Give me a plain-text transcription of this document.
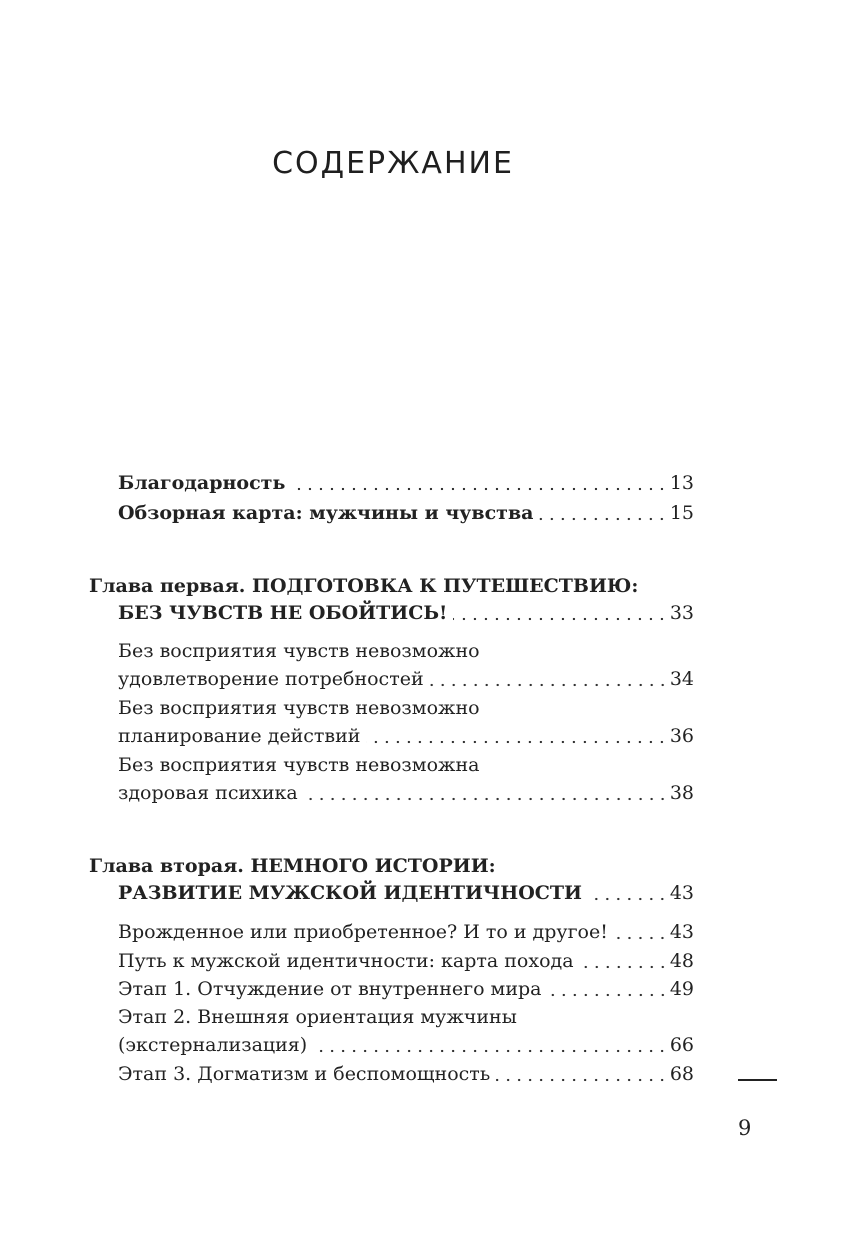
СОДЕРЖАНИЕ
Благодарность	13
Обзорная карта: мужчины и чувства	15
Глава первая. ПОДГОТОВКА К ПУТЕШЕСТВИЮ:
БЕЗ ЧУВСТВ НЕ ОБОЙТИСЬ!	33
Без восприятия чувств невозможно
удовлетворение потребностей	34
Без восприятия чувств невозможно
планирование действий	36
Без восприятия чувств невозможна
здоровая психика	38
Глава вторая. НЕМНОГО ИСТОРИИ:
РАЗВИТИЕ МУЖСКОЙ ИДЕНТИЧНОСТИ	43
Врожденное или приобретенное? И то и другое!	43
Путь к мужской идентичности: карта похода	48
Этап 1. Отчуждение от внутреннего мира	49
Этап 2. Внешняя ориентация мужчины
(экстернализация)	66
Этап 3. Догматизм и беспомощность	68
9
